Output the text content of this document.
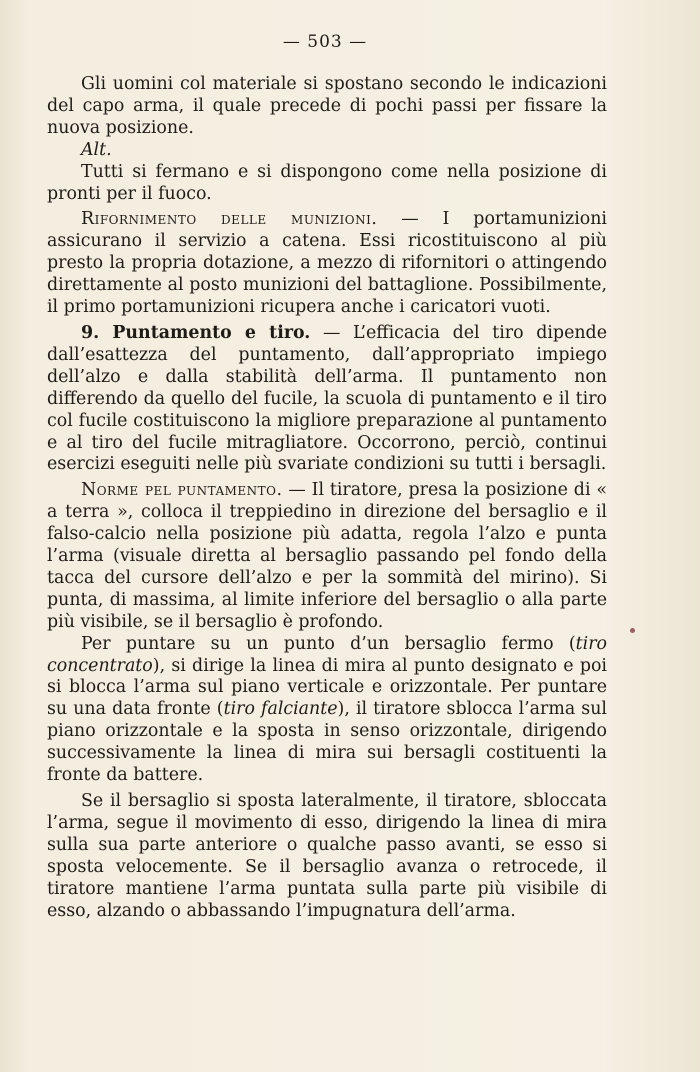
— 503 —

Gli uomini col materiale si spostano secondo le indicazioni del capo arma, il quale precede di pochi passi per fissare la nuova posizione.

Alt.

Tutti si fermano e si dispongono come nella posizione di pronti per il fuoco.

Rifornimento delle munizioni. — I portamunizioni assicurano il servizio a catena. Essi ricostituiscono al più presto la propria dotazione, a mezzo di rifornitori o attingendo direttamente al posto munizioni del battaglione. Possibilmente, il primo portamunizioni ricupera anche i caricatori vuoti.

9. Puntamento e tiro. — L’efficacia del tiro dipende dall’esattezza del puntamento, dall’appropriato impiego dell’alzo e dalla stabilità dell’arma. Il puntamento non differendo da quello del fucile, la scuola di puntamento e il tiro col fucile costituiscono la migliore preparazione al puntamento e al tiro del fucile mitragliatore. Occorrono, perciò, continui esercizi eseguiti nelle più svariate condizioni su tutti i bersagli.

Norme pel puntamento. — Il tiratore, presa la posizione di « a terra », colloca il treppiedino in direzione del bersaglio e il falso-calcio nella posizione più adatta, regola l’alzo e punta l’arma (visuale diretta al bersaglio passando pel fondo della tacca del cursore dell’alzo e per la sommità del mirino). Si punta, di massima, al limite inferiore del bersaglio o alla parte più visibile, se il bersaglio è profondo.

Per puntare su un punto d’un bersaglio fermo (tiro concentrato), si dirige la linea di mira al punto designato e poi si blocca l’arma sul piano verticale e orizzontale. Per puntare su una data fronte (tiro falciante), il tiratore sblocca l’arma sul piano orizzontale e la sposta in senso orizzontale, dirigendo successivamente la linea di mira sui bersagli costituenti la fronte da battere.

Se il bersaglio si sposta lateralmente, il tiratore, sbloccata l’arma, segue il movimento di esso, dirigendo la linea di mira sulla sua parte anteriore o qualche passo avanti, se esso si sposta velocemente. Se il bersaglio avanza o retrocede, il tiratore mantiene l’arma puntata sulla parte più visibile di esso, alzando o abbassando l’impugnatura dell’arma.
